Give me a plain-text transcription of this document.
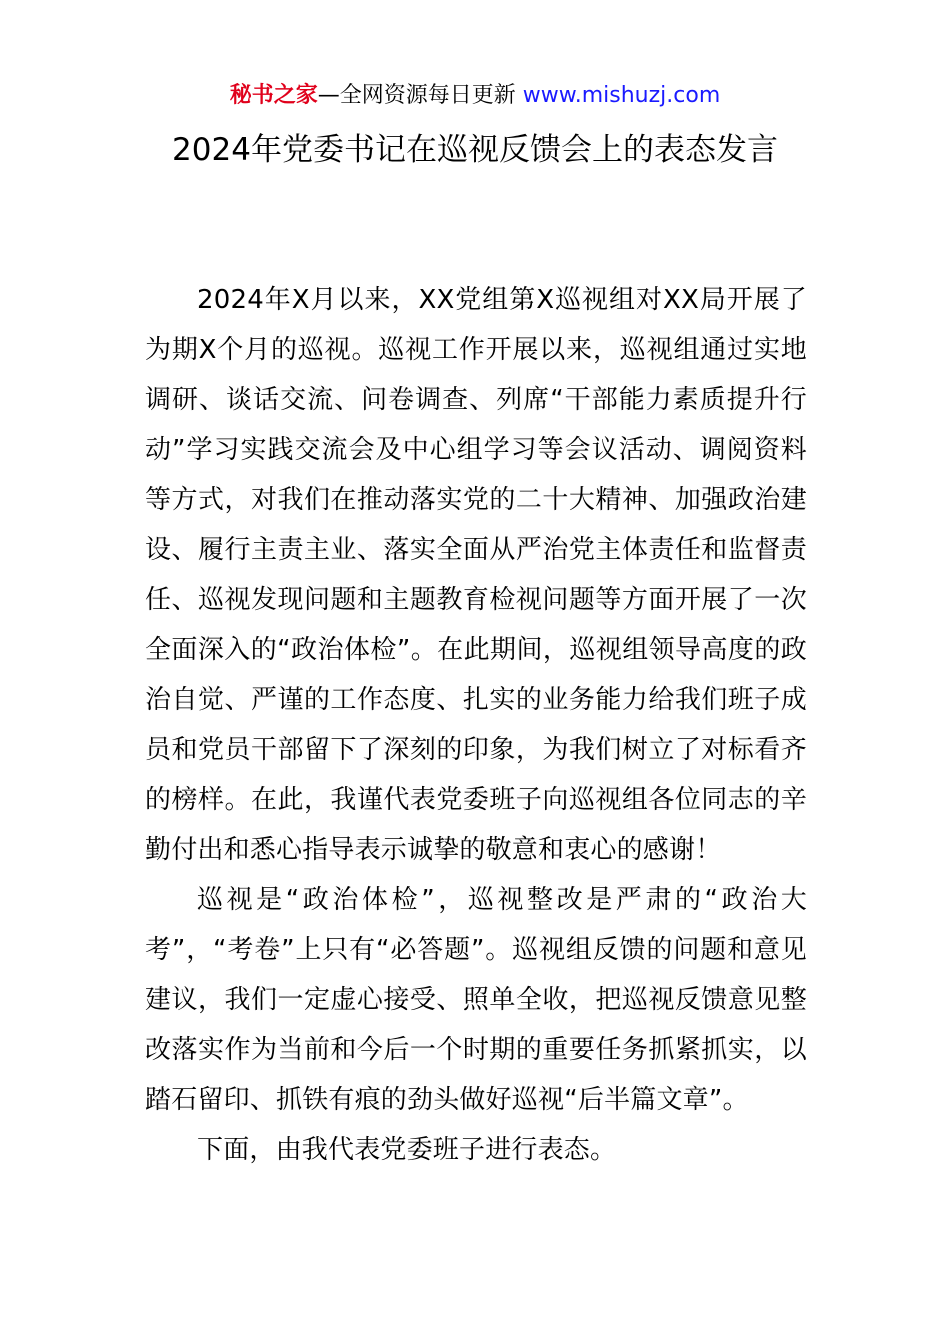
秘书之家—全网资源每日更新 www.mishuzj.com
2024年党委书记在巡视反馈会上的表态发言

2024年X月以来，XX党组第X巡视组对XX局开展了为期X个月的巡视。巡视工作开展以来，巡视组通过实地调研、谈话交流、问卷调查、列席“干部能力素质提升行动”学习实践交流会及中心组学习等会议活动、调阅资料等方式，对我们在推动落实党的二十大精神、加强政治建设、履行主责主业、落实全面从严治党主体责任和监督责任、巡视发现问题和主题教育检视问题等方面开展了一次全面深入的“政治体检”。在此期间，巡视组领导高度的政治自觉、严谨的工作态度、扎实的业务能力给我们班子成员和党员干部留下了深刻的印象，为我们树立了对标看齐的榜样。在此，我谨代表党委班子向巡视组各位同志的辛勤付出和悉心指导表示诚挚的敬意和衷心的感谢！

巡视是“政治体检”，巡视整改是严肃的“政治大考”，“考卷”上只有“必答题”。巡视组反馈的问题和意见建议，我们一定虚心接受、照单全收，把巡视反馈意见整改落实作为当前和今后一个时期的重要任务抓紧抓实，以踏石留印、抓铁有痕的劲头做好巡视“后半篇文章”。

下面，由我代表党委班子进行表态。
